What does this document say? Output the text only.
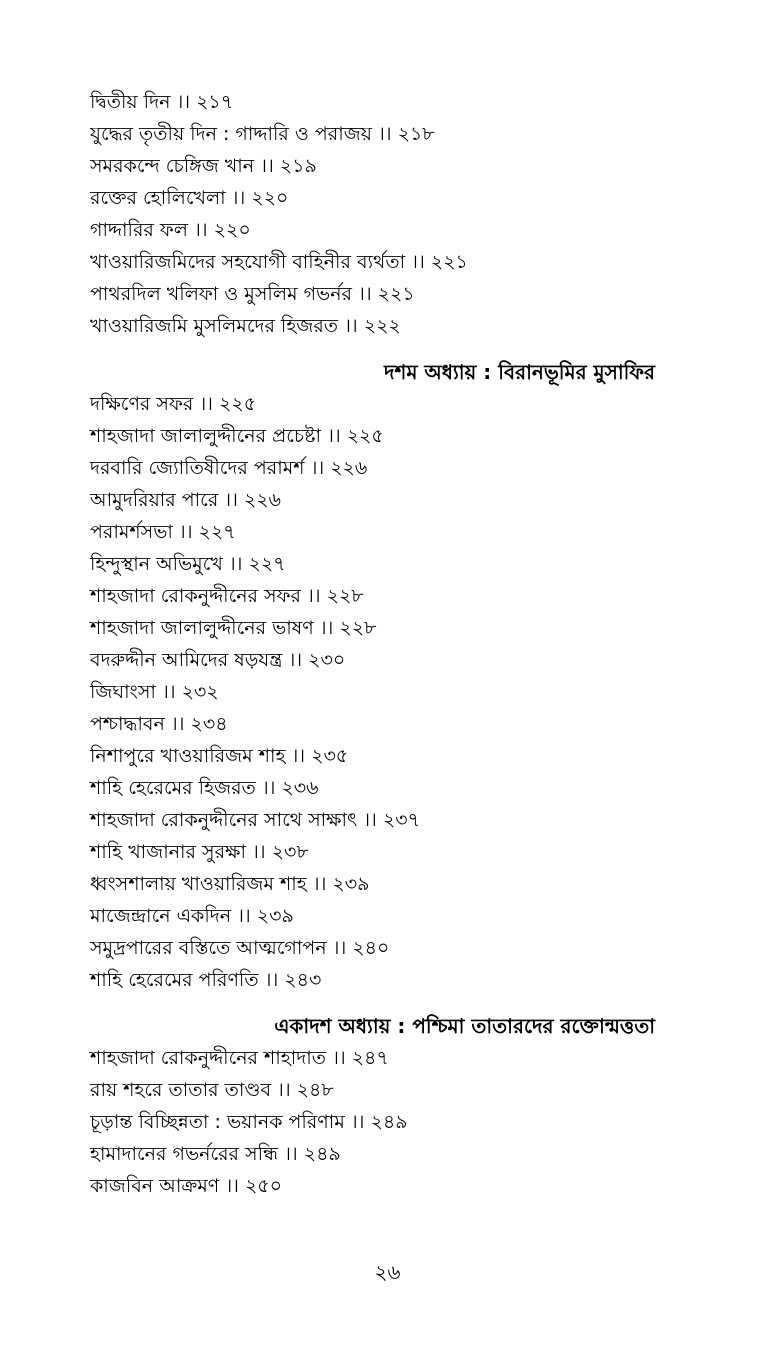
দ্বিতীয় দিন ।। ২১৭
যুদ্ধের তৃতীয় দিন : গাদ্দারি ও পরাজয় ।। ২১৮
সমরকন্দে চেঙ্গিজ খান ।। ২১৯
রক্তের হোলিখেলা ।। ২২০
গাদ্দারির ফল ।। ২২০
খাওয়ারিজমিদের সহযোগী বাহিনীর ব্যর্থতা ।। ২২১
পাথরদিল খলিফা ও মুসলিম গভর্নর ।। ২২১
খাওয়ারিজমি মুসলিমদের হিজরত ।। ২২২
দশম অধ্যায় : বিরানভূমির মুসাফির
দক্ষিণের সফর ।। ২২৫
শাহজাদা জালালুদ্দীনের প্রচেষ্টা ।। ২২৫
দরবারি জ্যোতিষীদের পরামর্শ ।। ২২৬
আমুদরিয়ার পারে ।। ২২৬
পরামর্শসভা ।। ২২৭
হিন্দুস্থান অভিমুখে ।। ২২৭
শাহজাদা রোকনুদ্দীনের সফর ।। ২২৮
শাহজাদা জালালুদ্দীনের ভাষণ ।। ২২৮
বদরুদ্দীন আমিদের ষড়যন্ত্র ।। ২৩০
জিঘাংসা ।। ২৩২
পশ্চাদ্ধাবন ।। ২৩৪
নিশাপুরে খাওয়ারিজম শাহ ।। ২৩৫
শাহি হেরেমের হিজরত ।। ২৩৬
শাহজাদা রোকনুদ্দীনের সাথে সাক্ষাৎ ।। ২৩৭
শাহি খাজানার সুরক্ষা ।। ২৩৮
ধ্বংসশালায় খাওয়ারিজম শাহ ।। ২৩৯
মাজেন্দ্রানে একদিন ।। ২৩৯
সমুদ্রপারের বস্তিতে আত্মগোপন ।। ২৪০
শাহি হেরেমের পরিণতি ।। ২৪৩
একাদশ অধ্যায় : পশ্চিমা তাতারদের রক্তোন্মত্ততা
শাহজাদা রোকনুদ্দীনের শাহাদাত ।। ২৪৭
রায় শহরে তাতার তাণ্ডব ।। ২৪৮
চূড়ান্ত বিচ্ছিন্নতা : ভয়ানক পরিণাম ।। ২৪৯
হামাদানের গভর্নরের সন্ধি ।। ২৪৯
কাজবিন আক্রমণ ।। ২৫০
২৬
